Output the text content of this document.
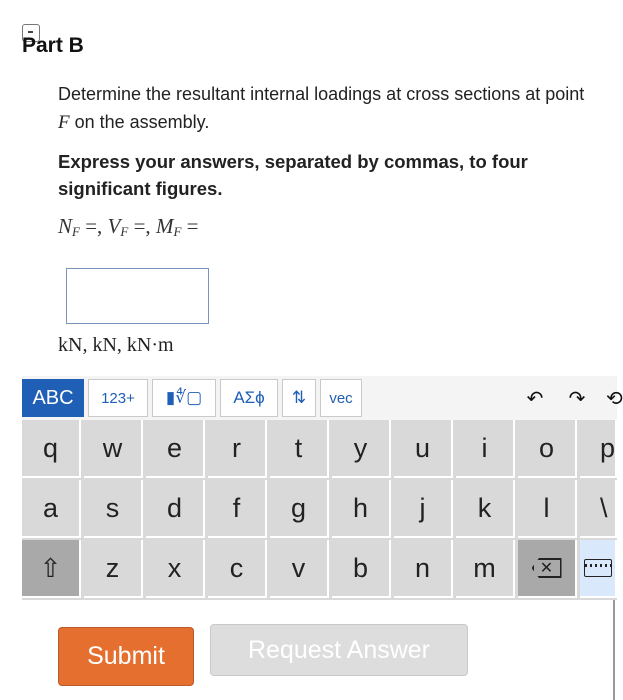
Part B
Determine the resultant internal loadings at cross sections at point F on the assembly.
Express your answers, separated by commas, to four significant figures.
$N_F$ =, $V_F$ =, $M_F$ =
kN, kN, kN·m
ABC	123+	▮∜▢	ΑΣϕ	⇅	vec	↶ ↷ ⟲
q	w	e	r	t	y	u	i	o	p
a	s	d	f	g	h	j	k	l	\
⇧	z	x	c	v	b	n	m	✕
Submit	Request Answer
